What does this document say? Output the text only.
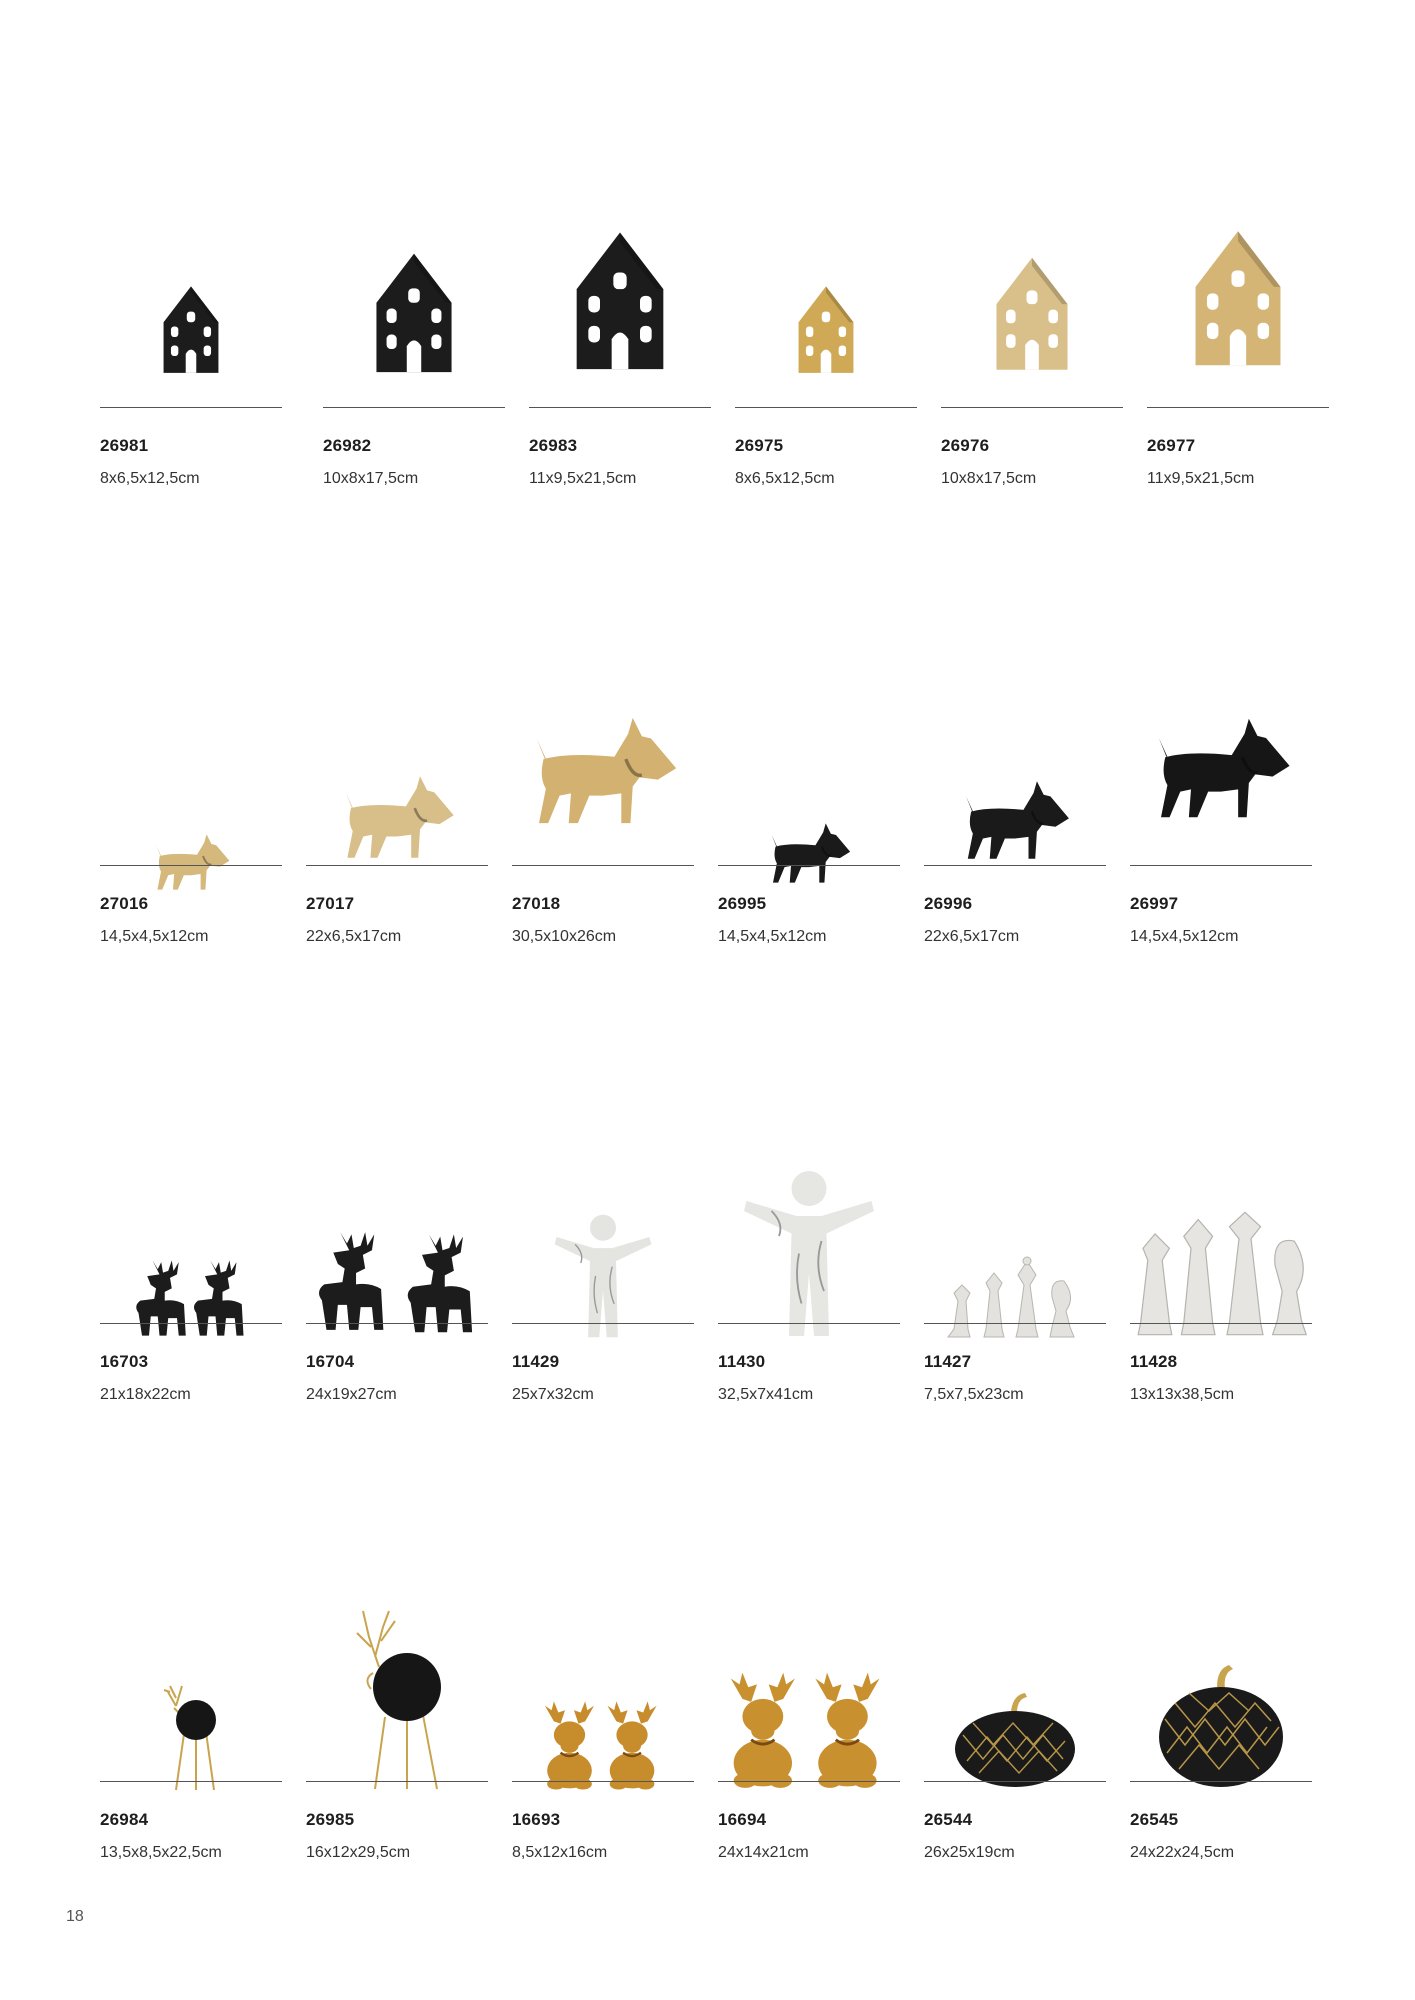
26981
8x6,5x12,5cm
26982
10x8x17,5cm
26983
11x9,5x21,5cm
26975
8x6,5x12,5cm
26976
10x8x17,5cm
26977
11x9,5x21,5cm
27016
14,5x4,5x12cm
27017
22x6,5x17cm
27018
30,5x10x26cm
26995
14,5x4,5x12cm
26996
22x6,5x17cm
26997
14,5x4,5x12cm
16703
21x18x22cm
16704
24x19x27cm
11429
25x7x32cm
11430
32,5x7x41cm
11427
7,5x7,5x23cm
11428
13x13x38,5cm
26984
13,5x8,5x22,5cm
26985
16x12x29,5cm
16693
8,5x12x16cm
16694
24x14x21cm
26544
26x25x19cm
26545
24x22x24,5cm
18
